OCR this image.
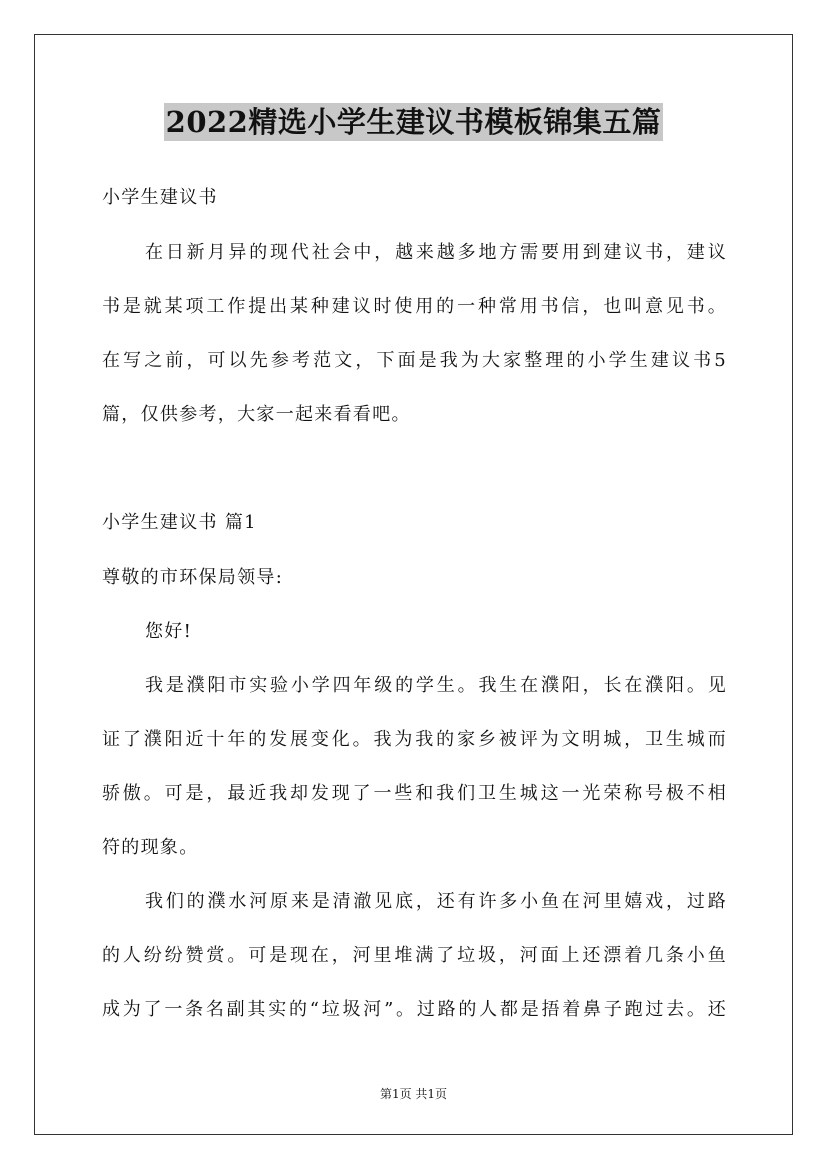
2022精选小学生建议书模板锦集五篇

小学生建议书

在日新月异的现代社会中，越来越多地方需要用到建议书，建议

书是就某项工作提出某种建议时使用的一种常用书信，也叫意见书。

在写之前，可以先参考范文，下面是我为大家整理的小学生建议书5

篇，仅供参考，大家一起来看看吧。

小学生建议书 篇1

尊敬的市环保局领导:

您好!

我是濮阳市实验小学四年级的学生。我生在濮阳，长在濮阳。见

证了濮阳近十年的发展变化。我为我的家乡被评为文明城，卫生城而

骄傲。可是，最近我却发现了一些和我们卫生城这一光荣称号极不相

符的现象。

我们的濮水河原来是清澈见底，还有许多小鱼在河里嬉戏，过路

的人纷纷赞赏。可是现在，河里堆满了垃圾，河面上还漂着几条小鱼

成为了一条名副其实的“垃圾河”。过路的人都是捂着鼻子跑过去。还

第1页 共1页
